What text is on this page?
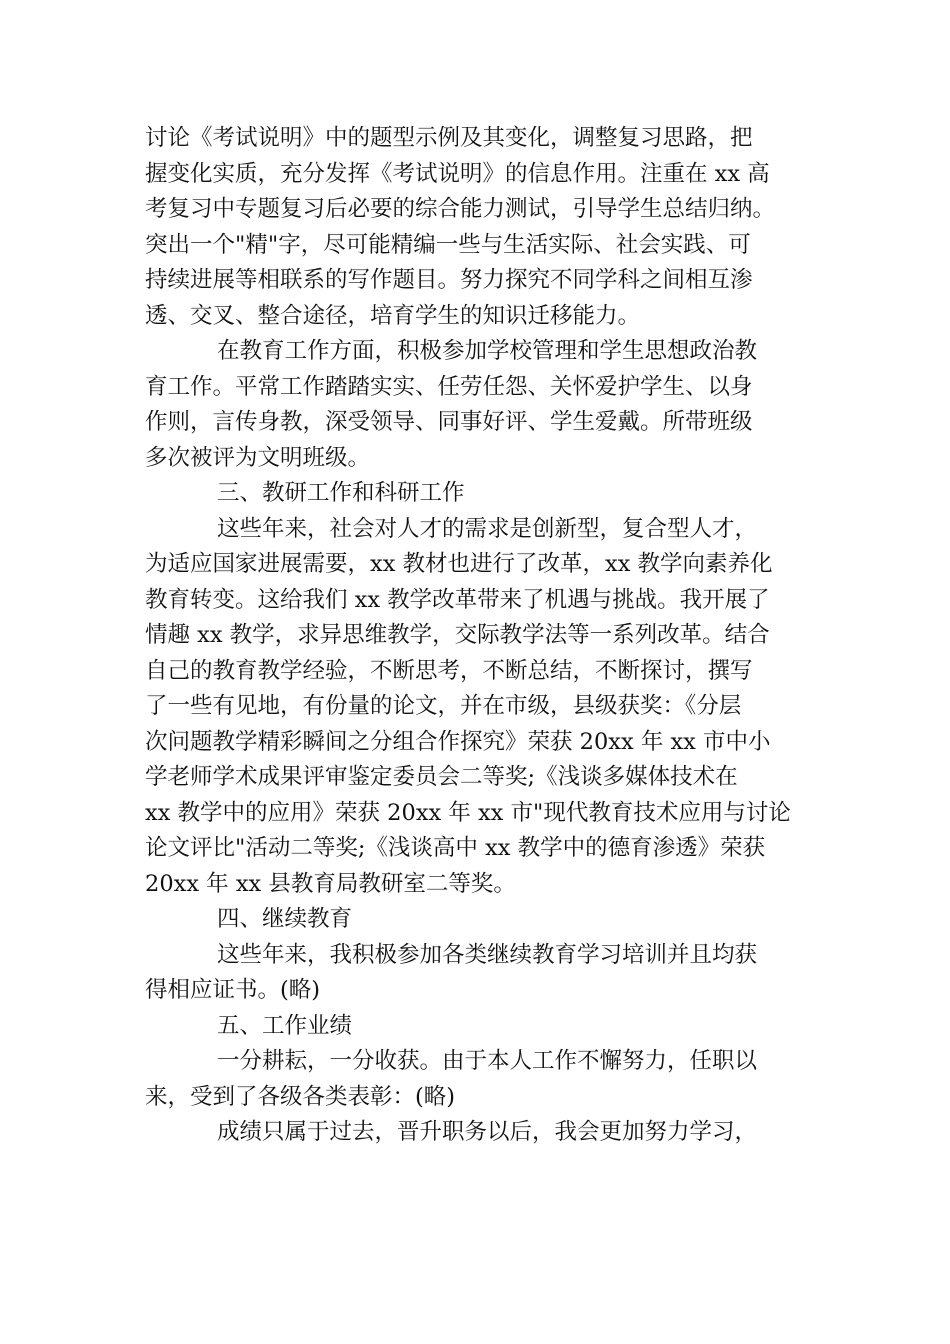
讨论《考试说明》中的题型示例及其变化，调整复习思路，把
握变化实质，充分发挥《考试说明》的信息作用。注重在 xx 高
考复习中专题复习后必要的综合能力测试，引导学生总结归纳。
突出一个"精"字，尽可能精编一些与生活实际、社会实践、可
持续进展等相联系的写作题目。努力探究不同学科之间相互渗
透、交叉、整合途径，培育学生的知识迁移能力。
在教育工作方面，积极参加学校管理和学生思想政治教
育工作。平常工作踏踏实实、任劳任怨、关怀爱护学生、以身
作则，言传身教，深受领导、同事好评、学生爱戴。所带班级
多次被评为文明班级。
三、教研工作和科研工作
这些年来，社会对人才的需求是创新型，复合型人才，
为适应国家进展需要，xx 教材也进行了改革，xx 教学向素养化
教育转变。这给我们 xx 教学改革带来了机遇与挑战。我开展了
情趣 xx 教学，求异思维教学，交际教学法等一系列改革。结合
自己的教育教学经验，不断思考，不断总结，不断探讨，撰写
了一些有见地，有份量的论文，并在市级，县级获奖：《分层
次问题教学精彩瞬间之分组合作探究》荣获 20xx 年 xx 市中小
学老师学术成果评审鉴定委员会二等奖;《浅谈多媒体技术在
xx 教学中的应用》荣获 20xx 年 xx 市"现代教育技术应用与讨论
论文评比"活动二等奖;《浅谈高中 xx 教学中的德育渗透》荣获
20xx 年 xx 县教育局教研室二等奖。
四、继续教育
这些年来，我积极参加各类继续教育学习培训并且均获
得相应证书。(略)
五、工作业绩
一分耕耘，一分收获。由于本人工作不懈努力，任职以
来，受到了各级各类表彰：(略)
成绩只属于过去，晋升职务以后，我会更加努力学习，
